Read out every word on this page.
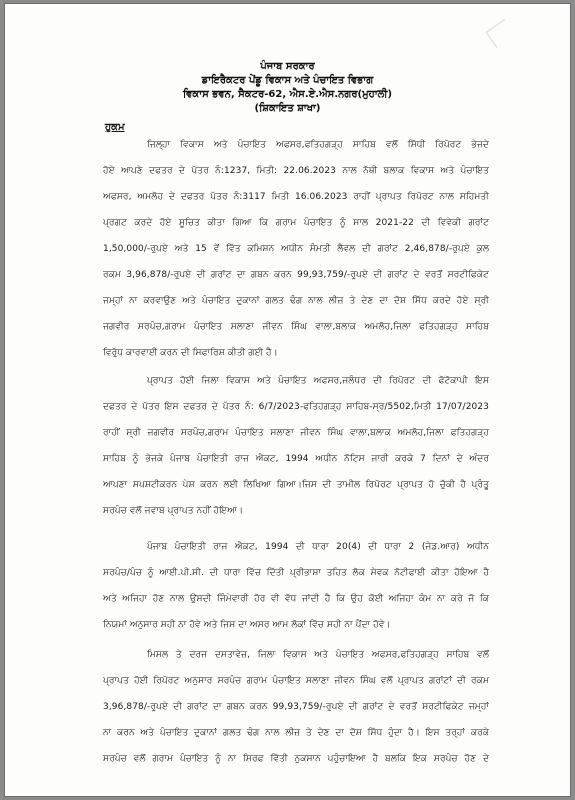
ਪੰਜਾਬ ਸਰਕਾਰ
ਡਾਇਰੈਕਟਰ ਪੇਂਡੂ ਵਿਕਾਸ ਅਤੇ ਪੰਚਾਇਤ ਵਿਭਾਗ
ਵਿਕਾਸ ਭਵਨ, ਸੈਕਟਰ-62, ਐਸ.ਏ.ਐਸ.ਨਗਰ(ਮੁਹਾਲੀ)
(ਸ਼ਿਕਾਇਤ ਸ਼ਾਖਾ)
ਹੁਕਮ
ਜਿਲ੍ਹਾ ਵਿਕਾਸ ਅਤੇ ਪੰਚਾਇਤ ਅਫਸਰ,ਫਤਿਹਗੜ੍ਹ ਸਾਹਿਬ ਵਲੋਂ ਸਿੱਧੀ ਰਿਪੋਰਟ ਭੇਜਦੇ
ਹੋਏ ਆਪਣੇ ਦਫਤਰ ਦੇ ਪੱਤਰ ਨੰ:1237, ਮਿਤੀ: 22.06.2023 ਨਾਲ ਨੱਥੀ ਬਲਾਕ ਵਿਕਾਸ ਅਤੇ ਪੰਚਾਇਤ
ਅਫਸਰ, ਅਮਲੋਹ ਦੇ ਦਫਤਰ ਪੱਤਰ ਨੰ:3117 ਮਿਤੀ 16.06.2023 ਰਾਹੀਂ ਪ੍ਰਾਪਤ ਰਿਪੋਰਟ ਨਾਲ ਸਹਿਮਤੀ
ਪ੍ਰਗਟ ਕਰਦੇ ਹੋਏ ਸੂਚਿਤ ਕੀਤਾ ਗਿਆ ਕਿ ਗਰਾਮ ਪੰਚਾਇਤ ਨੂੰ ਸਾਲ 2021-22 ਦੀ ਵਿਵੇਕੀ ਗਰਾਂਟ
1,50,000/-ਰੁਪਏ ਅਤੇ 15 ਵੇਂ ਵਿੱਤ ਕਮਿਸ਼ਨ ਅਧੀਨ ਸੰਮਤੀ ਲੈਵਲ ਦੀ ਗਰਾਂਟ 2,46,878/-ਰੁਪਏ ਕੁਲ
ਰਕਮ 3,96,878/-ਰੁਪਏ ਦੀ ਗਰਾਂਟ ਦਾ ਗਬਨ ਕਰਨ 99,93,759/-ਰੁਪਏ ਦੀ ਗਰਾਂਟ ਦੇ ਵਰਤੋਂ ਸਰਟੀਫਿਕੇਟ
ਜਮ੍ਹਾਂ ਨਾ ਕਰਵਾਉਣ ਅਤੇ ਪੰਚਾਇਤ ਦੁਕਾਨਾਂ ਗਲਤ ਢੰਗ ਨਾਲ ਲੀਜ਼ ਤੇ ਦੇਣ ਦਾ ਦੋਸ਼ ਸਿੱਧ ਕਰਦੇ ਹੋਏ ਸ੍ਰੀ
ਜਗਵੀਰ ਸਰਪੰਚ,ਗਰਾਮ ਪੰਚਾਇਤ ਸਲਾਣਾ ਜੀਵਨ ਸਿੰਘ ਵਾਲਾ,ਬਲਾਕ ਅਮਲੋਹ,ਜਿਲਾ ਫਤਿਹਗੜ੍ਹ ਸਾਹਿਬ
ਵਿਰੁੱਧ ਕਾਰਵਾਈ ਕਰਨ ਦੀ ਸਿਫਾਰਿਸ਼ ਕੀਤੀ ਗਈ ਹੈ।
ਪ੍ਰਾਪਤ ਹੋਈ ਜਿਲਾ ਵਿਕਾਸ ਅਤੇ ਪੰਚਾਇਤ ਅਫਸਰ,ਜਲੰਧਰ ਦੀ ਰਿਪੋਰਟ ਦੀ ਫੋਟੋਕਾਪੀ ਇਸ
ਦਫਤਰ ਦੇ ਪੱਤਰ ਇਸ ਦਫਤਰ ਦੇ ਪੱਤਰ ਨੰ: 6/7/2023-ਫਤਿਹਗੜ੍ਹ ਸਾਹਿਬ-ਸ੍ਰ/5502,ਮਿਤੀ 17/07/2023
ਰਾਹੀਂ ਸ੍ਰੀ ਜਗਵੀਰ ਸਰਪੰਚ,ਗਰਾਮ ਪੰਚਾਇਤ ਸਲਾਣਾ ਜੀਵਨ ਸਿੰਘ ਵਾਲਾ,ਬਲਾਕ ਅਮਲੋਹ,ਜਿਲਾ ਫਤਿਹਗੜ੍ਹ
ਸਾਹਿਬ ਨੂੰ ਭੇਜਕੇ ਪੰਜਾਬ ਪੰਚਾਇਤੀ ਰਾਜ ਐਕਟ, 1994 ਅਧੀਨ ਨੋਟਿਸ ਜਾਰੀ ਕਰਕੇ 7 ਦਿਨਾਂ ਦੇ ਅੰਦਰ
ਆਪਣਾ ਸਪਸ਼ਟੀਕਰਨ ਪੇਸ਼ ਕਰਨ ਲਈ ਲਿਖਿਆ ਗਿਆ।ਜਿਸ ਦੀ ਤਾਮੀਲ ਰਿਪੋਰਟ ਪ੍ਰਾਪਤ ਹੋ ਚੁੱਕੀ ਹੈ ਪ੍ਰੰਤੂ
ਸਰਪੰਚ ਵਲੋਂ ਜਵਾਬ ਪ੍ਰਾਪਤ ਨਹੀਂ ਹੋਇਆ।
ਪੰਜਾਬ ਪੰਚਾਇਤੀ ਰਾਜ ਐਕਟ, 1994 ਦੀ ਧਾਰਾ 20(4) ਦੀ ਧਾਰਾ 2 (ਜੇਡ.ਆਰ) ਅਧੀਨ
ਸਰਪੰਚ/ਪੰਚ ਨੂੰ ਆਈ.ਪੀ.ਸੀ. ਦੀ ਧਾਰਾ ਵਿੱਚ ਦਿੱਤੀ ਪ੍ਰੀਭਾਸ਼ਾ ਤਹਿਤ ਲੋਕ ਸੇਵਕ ਨੋਟੀਫਾਈ ਕੀਤਾ ਹੋਇਆ ਹੈ
ਅਤੇ ਅਜਿਹਾ ਹੋਣ ਨਾਲ ਉਸਦੀ ਜਿੰਮੇਵਾਰੀ ਹੋਰ ਵੀ ਵੱਧ ਜਾਂਦੀ ਹੈ ਕਿ ਉਹ ਕੋਈ ਅਜਿਹਾ ਕੰਮ ਨਾ ਕਰੇ ਜੋ ਕਿ
ਨਿਯਮਾਂ ਅਨੁਸਾਰ ਸਹੀ ਨਾ ਹੋਵੇ ਅਤੇ ਜਿਸ ਦਾ ਅਸਰ ਆਮ ਲੋਕਾਂ ਵਿੱਚ ਸਹੀ ਨਾ ਪੈਂਦਾ ਹੋਵੇ।
ਮਿਸਲ ਤੇ ਦਰਜ ਦਸਤਾਵੇਜ਼, ਜਿਲਾ ਵਿਕਾਸ ਅਤੇ ਪੰਚਾਇਤ ਅਫਸਰ,ਫਤਿਹਗੜ੍ਹ ਸਾਹਿਬ ਵਲੋਂ
ਪ੍ਰਾਪਤ ਹੋਈ ਰਿਪੋਰਟ ਅਨੁਸਾਰ ਸਰਪੰਚ ਗਰਾਮ ਪੰਚਾਇਤ ਸਲਾਣਾ ਜੀਵਨ ਸਿੰਘ ਵਲੋਂ ਪ੍ਰਾਪਤ ਗਰਾਂਟਾਂ ਦੀ ਰਕਮ
3,96,878/-ਰੁਪਏ ਦੀ ਗਰਾਂਟ ਦਾ ਗਬਨ ਕਰਨ 99,93,759/-ਰੁਪਏ ਦੀ ਗਰਾਂਟ ਦੇ ਵਰਤੋਂ ਸਰਟੀਫਿਕੇਟ ਜਮ੍ਹਾਂ
ਨਾ ਕਰਨ ਅਤੇ ਪੰਚਾਇਤ ਦੁਕਾਨਾਂ ਗਲਤ ਢੰਗ ਨਾਲ ਲੀਜ਼ ਤੇ ਦੇਣ ਦਾ ਦੋਸ਼ ਸਿੱਧ ਹੁੰਦਾ ਹੈ। ਇਸ ਤਰ੍ਹਾਂ ਕਰਕੇ
ਸਰਪੰਚ ਵਲੋਂ ਗਰਾਮ ਪੰਚਾਇਤ ਨੂੰ ਨਾ ਸਿਰਫ ਵਿੱਤੀ ਨੁਕਸਾਨ ਪਹੁੰਚਾਇਆ ਹੈ ਬਲਕਿ ਇਕ ਸਰਪੰਚ ਹੋਣ ਦੇ
